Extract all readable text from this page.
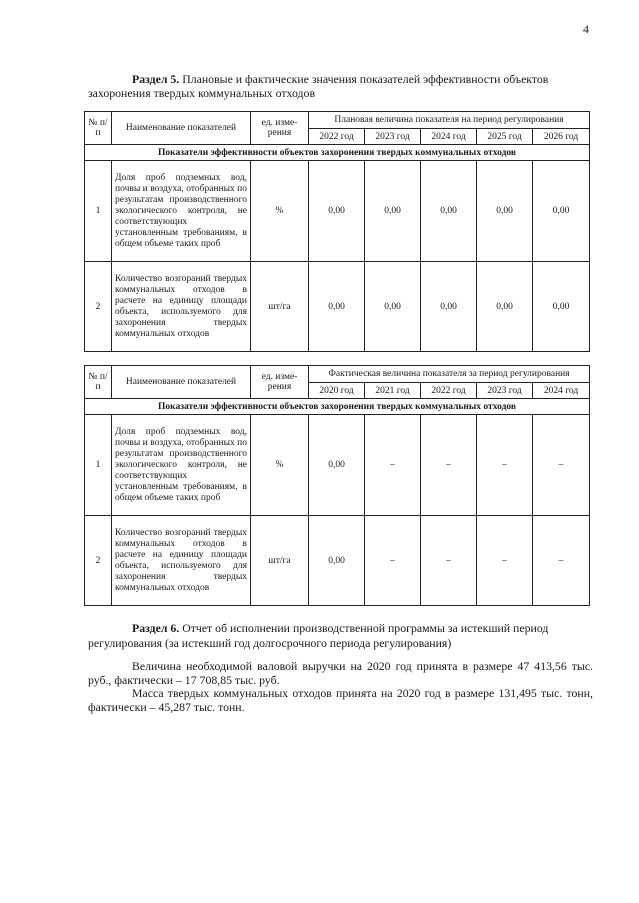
4
Раздел 5. Плановые и фактические значения показателей эффективности объектов захоронения твердых коммунальных отходов
№ п/п	Наименование показателей	ед. изме-рения	Плановая величина показателя на период регулирования				
			2022 год	2023 год	2024 год	2025 год	2026 год
Показатели эффективности объектов захоронения твердых коммунальных отходов							
1	Доля проб подземных вод, почвы и воздуха, отобранных по результатам производственного экологического контроля, не соответствующих установленным требованиям, в общем объеме таких проб	%	0,00	0,00	0,00	0,00	0,00
2	Количество возгораний твердых коммунальных отходов в расчете на единицу площади объекта, используемого для захоронения твердых коммунальных отходов	шт/га	0,00	0,00	0,00	0,00	0,00
№ п/п	Наименование показателей	ед. изме-рения	Фактическая величина показателя за период регулирования				
			2020 год	2021 год	2022 год	2023 год	2024 год
Показатели эффективности объектов захоронения твердых коммунальных отходов							
1	Доля проб подземных вод, почвы и воздуха, отобранных по результатам производственного экологического контроля, не соответствующих установленным требованиям, в общем объеме таких проб	%	0,00	–	–	–	–
2	Количество возгораний твердых коммунальных отходов в расчете на единицу площади объекта, используемого для захоронения твердых коммунальных отходов	шт/га	0,00	–	–	–	–
Раздел 6. Отчет об исполнении производственной программы за истекший период регулирования (за истекший год долгосрочного периода регулирования)
Величина необходимой валовой выручки на 2020 год принята в размере 47 413,56 тыс. руб., фактически – 17 708,85 тыс. руб.
Масса твердых коммунальных отходов принята на 2020 год в размере 131,495 тыс. тонн, фактически – 45,287 тыс. тонн.
